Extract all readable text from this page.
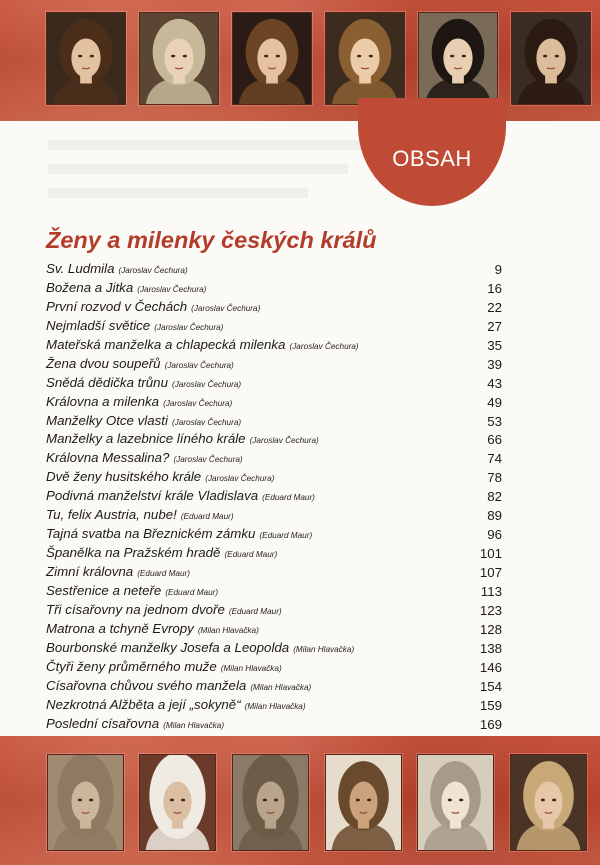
OBSAH
Ženy a milenky českých králů
Sv. Ludmila (Jaroslav Čechura)	9
Božena a Jitka (Jaroslav Čechura)	16
První rozvod v Čechách (Jaroslav Čechura)	22
Nejmladší světice (Jaroslav Čechura)	27
Mateřská manželka a chlapecká milenka (Jaroslav Čechura)	35
Žena dvou soupeřů (Jaroslav Čechura)	39
Snědá dědička trůnu (Jaroslav Čechura)	43
Královna a milenka (Jaroslav Čechura)	49
Manželky Otce vlasti (Jaroslav Čechura)	53
Manželky a lazebnice líného krále (Jaroslav Čechura)	66
Královna Messalina? (Jaroslav Čechura)	74
Dvě ženy husitského krále (Jaroslav Čechura)	78
Podivná manželství krále Vladislava (Eduard Maur)	82
Tu, felix Austria, nube! (Eduard Maur)	89
Tajná svatba na Březnickém zámku (Eduard Maur)	96
Španělka na Pražském hradě (Eduard Maur)	101
Zimní královna (Eduard Maur)	107
Sestřenice a neteře (Eduard Maur)	113
Tři císařovny na jednom dvoře (Eduard Maur)	123
Matrona a tchyně Evropy (Milan Hlavačka)	128
Bourbonské manželky Josefa a Leopolda (Milan Hlavačka)	138
Čtyři ženy průměrného muže (Milan Hlavačka)	146
Císařovna chůvou svého manžela (Milan Hlavačka)	154
Nezkrotná Alžběta a její „sokyně“ (Milan Hlavačka)	159
Poslední císařovna (Milan Hlavačka)	169
